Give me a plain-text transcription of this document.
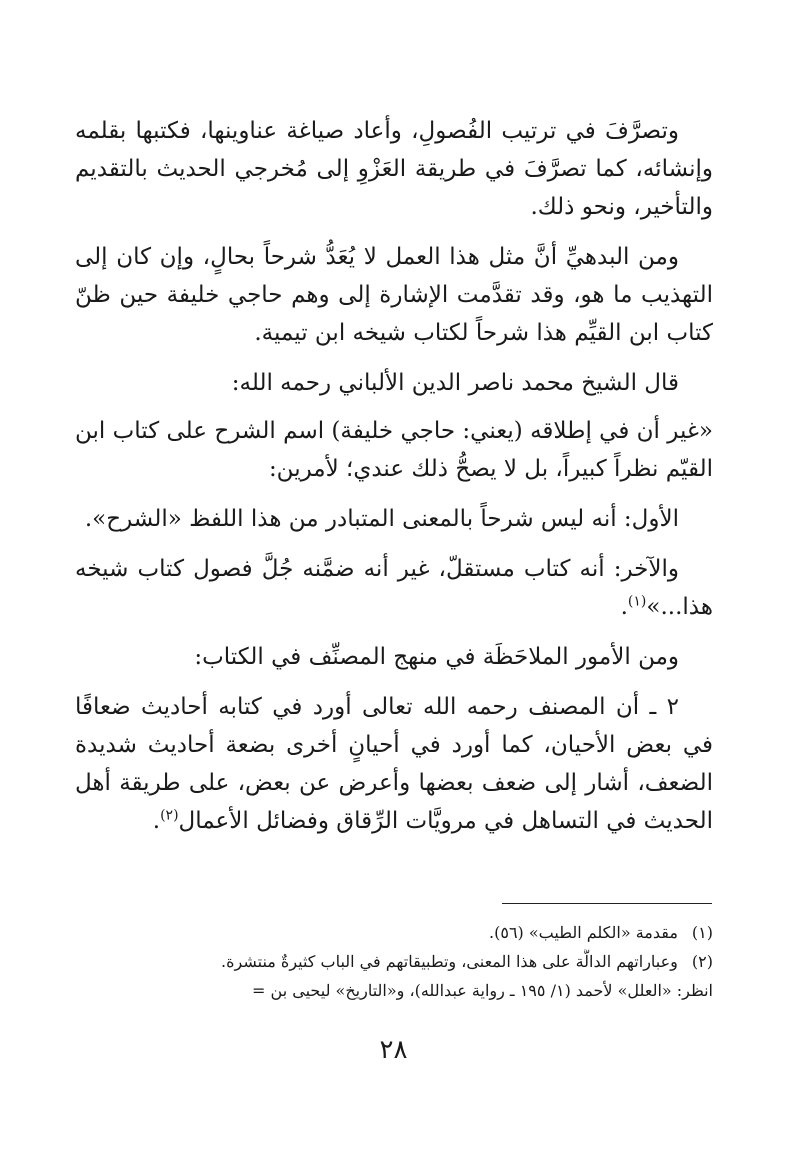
وتصرَّفَ في ترتيب الفُصولِ، وأعاد صياغة عناوينها، فكتبها بقلمه وإنشائه، كما تصرَّفَ في طريقة العَزْوِ إلى مُخرجي الحديث بالتقديم والتأخير، ونحو ذلك.

ومن البدهيِّ أنَّ مثل هذا العمل لا يُعَدُّ شرحاً بحالٍ، وإن كان إلى التهذيب ما هو، وقد تقدَّمت الإشارة إلى وهم حاجي خليفة حين ظنّ كتاب ابن القيِّم هذا شرحاً لكتاب شيخه ابن تيمية.

قال الشيخ محمد ناصر الدين الألباني رحمه الله:

«غير أن في إطلاقه (يعني: حاجي خليفة) اسم الشرح على كتاب ابن القيّم نظراً كبيراً، بل لا يصحُّ ذلك عندي؛ لأمرين:

الأول: أنه ليس شرحاً بالمعنى المتبادر من هذا اللفظ «الشرح».

والآخر: أنه كتاب مستقلّ، غير أنه ضمَّنه جُلَّ فصول كتاب شيخه هذا...»$^{(١)}$.

ومن الأمور الملاحَظَة في منهج المصنِّف في الكتاب:

٢ ـ أن المصنف رحمه الله تعالى أورد في كتابه أحاديث ضعافًا في بعض الأحيان، كما أورد في أحيانٍ أخرى بضعة أحاديث شديدة الضعف، أشار إلى ضعف بعضها وأعرض عن بعض، على طريقة أهل الحديث في التساهل في مرويَّات الرِّقاق وفضائل الأعمال$^{(٢)}$.

(١)مقدمة «الكلم الطيب» (٥٦).

(٢)وعباراتهم الدالَّة على هذا المعنى، وتطبيقاتهم في الباب كثيرةٌ منتشرة.

انظر: «العلل» لأحمد (١/ ١٩٥ ـ رواية عبدالله)، و«التاريخ» ليحيى بن =

٢٨
